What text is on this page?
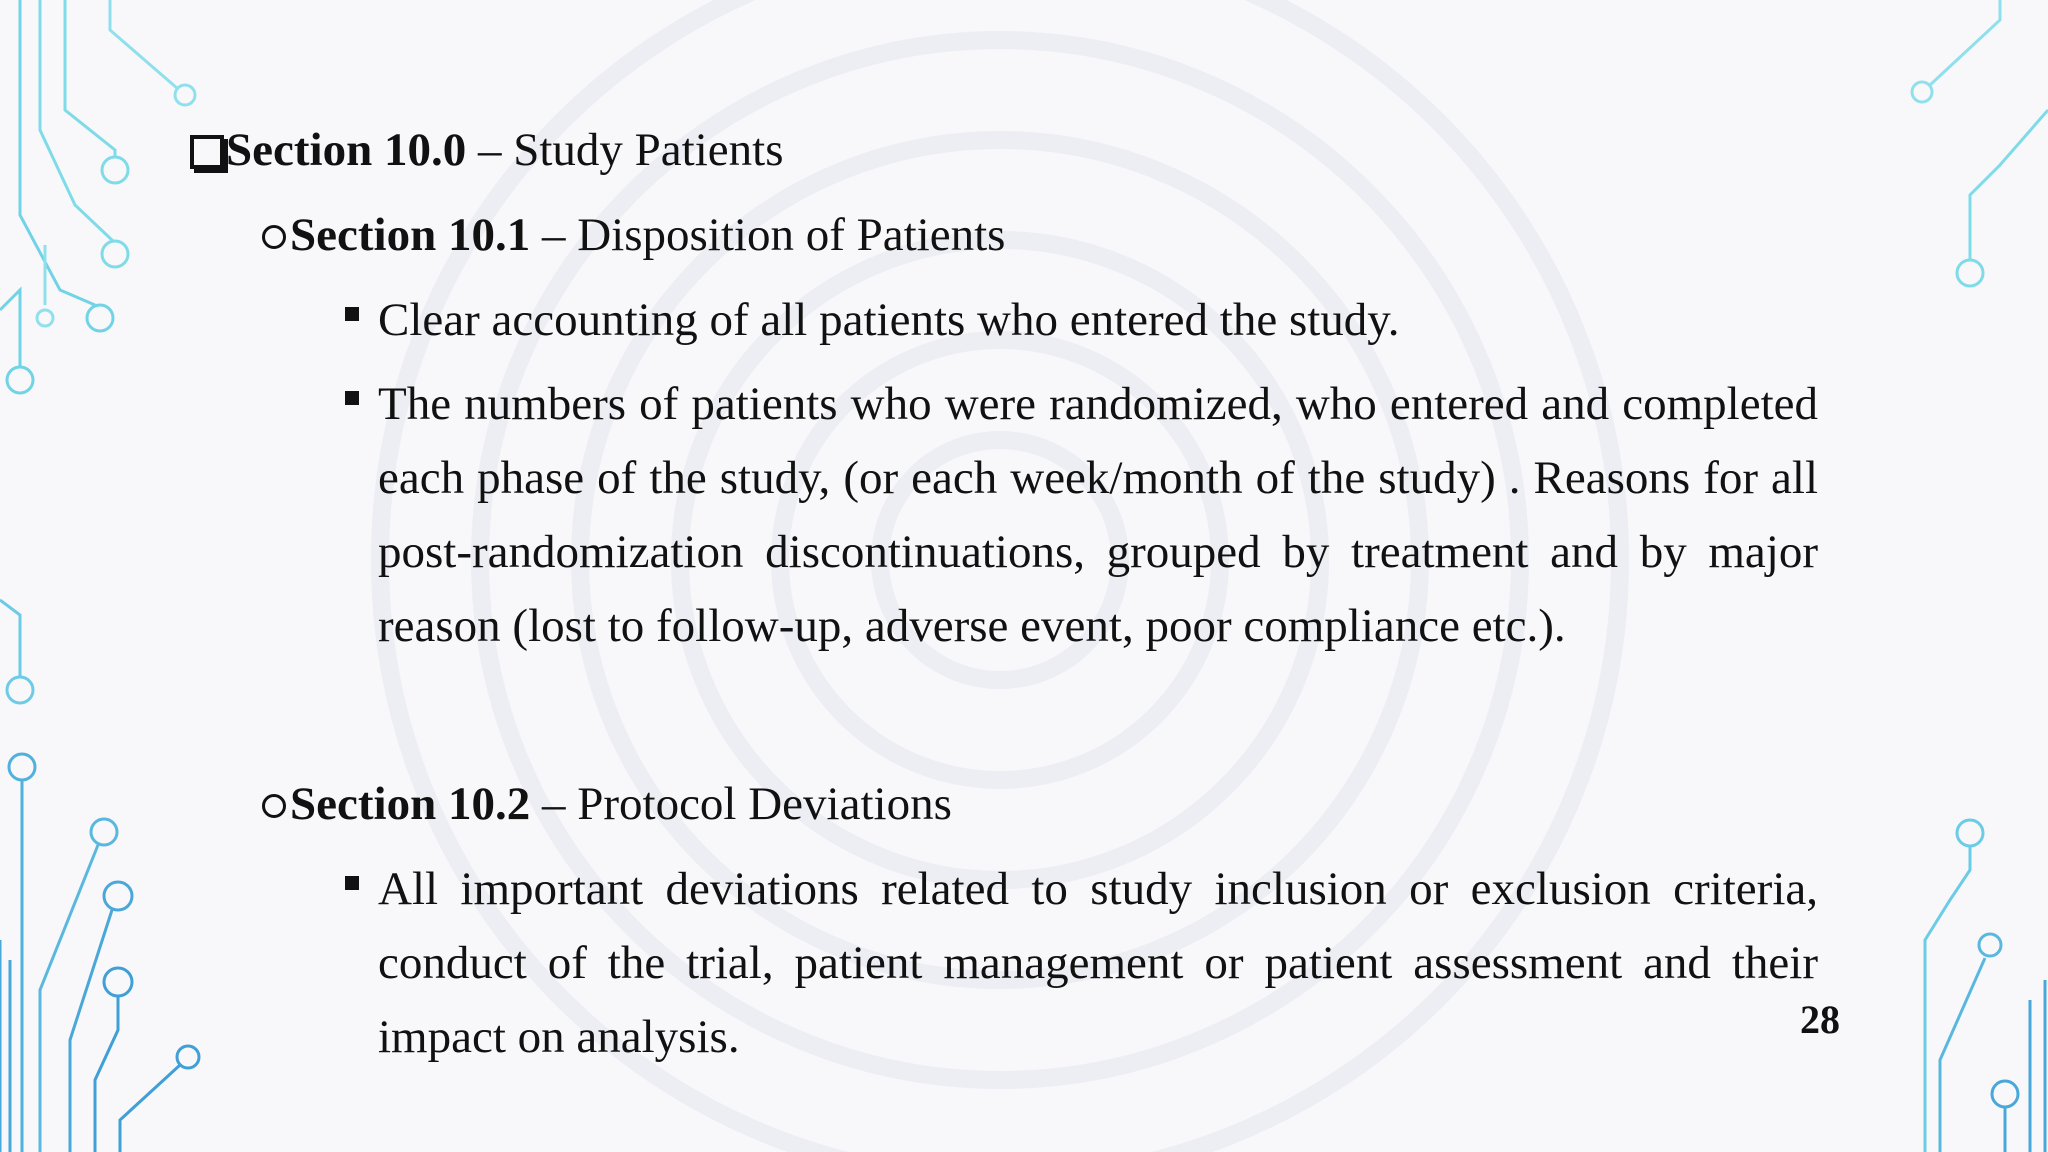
Section 10.0 – Study Patients
Section 10.1 – Disposition of Patients
Clear accounting of all patients who entered the study.
The numbers of patients who were randomized, who entered and completed each phase of the study, (or each week/month of the study) . Reasons for all post-randomization discontinuations, grouped by treatment and by major reason (lost to follow-up, adverse event, poor compliance etc.).
Section 10.2 – Protocol Deviations
All important deviations related to study inclusion or exclusion criteria, conduct of the trial, patient management or patient assessment and their impact on analysis.	28
